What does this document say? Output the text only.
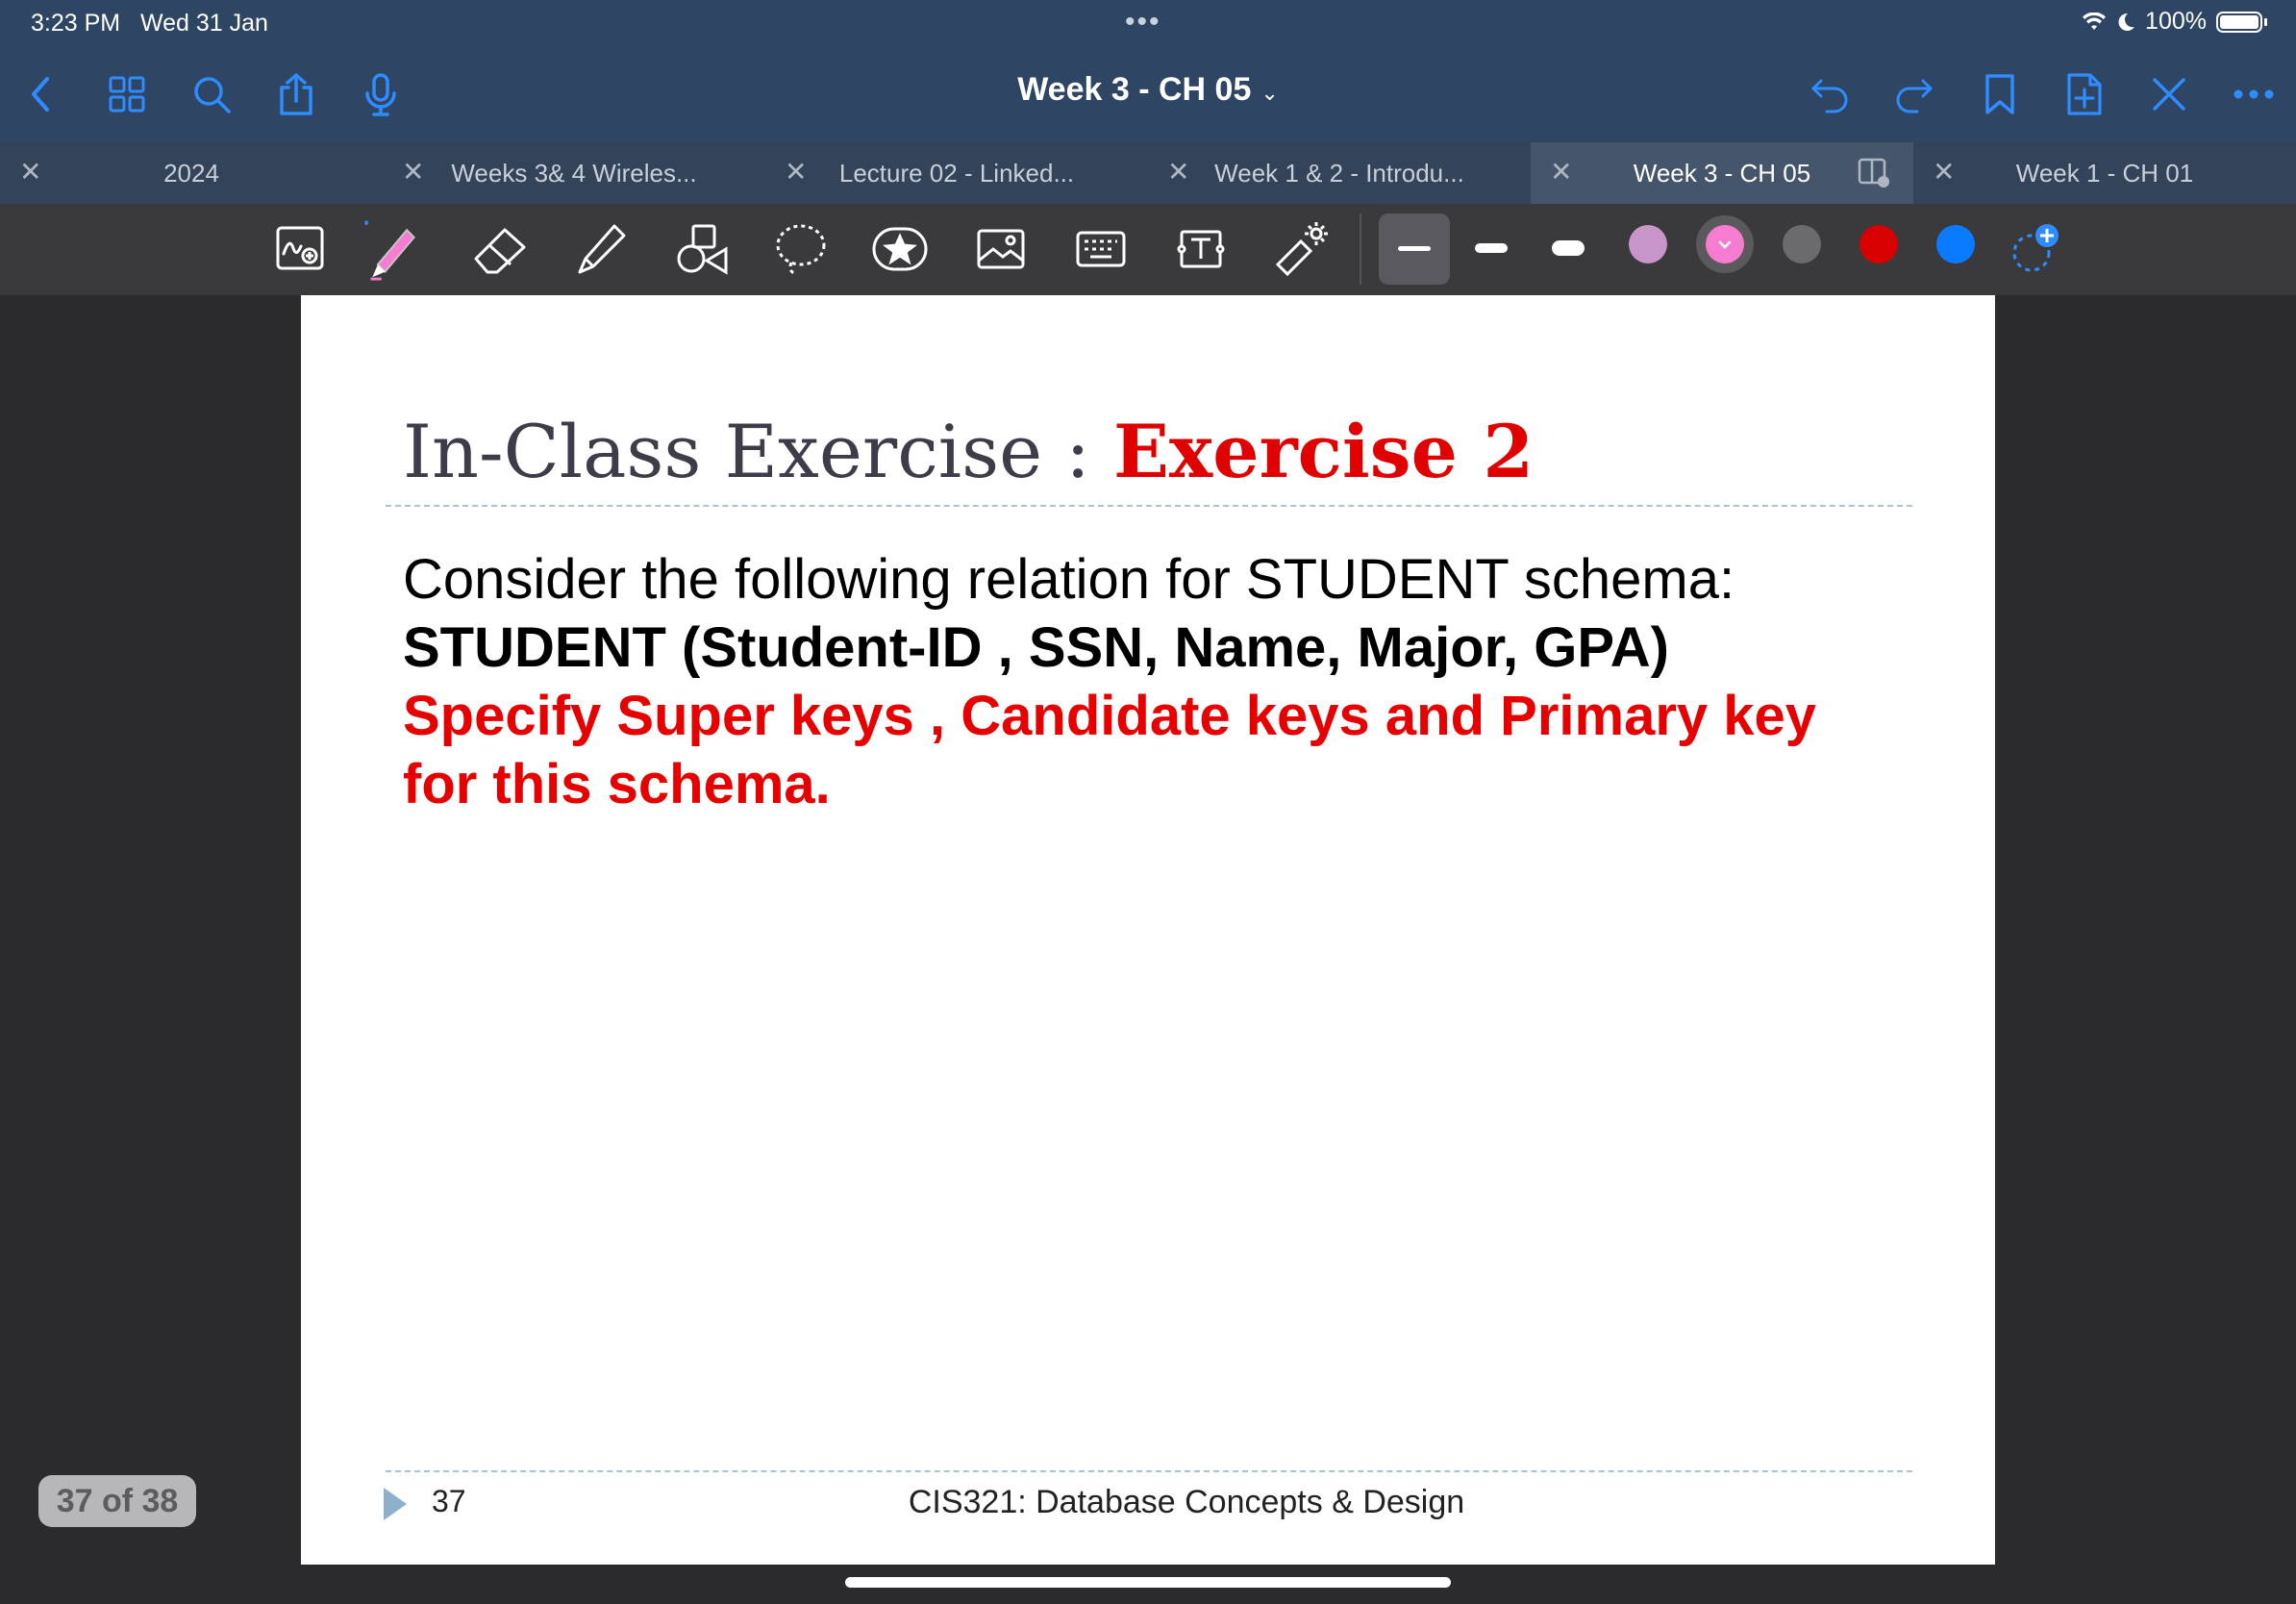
3:23 PM Wed 31 Jan	•••	100%
Week 3 - CH 05 ⌄
✕	2024	✕	Weeks 3& 4 Wireles...	✕	Lecture 02 - Linked...	✕ Week 1 & 2 - Introdu...	✕	Week 3 - CH 05	✕	Week 1 - CH 01
In-Class Exercise : Exercise 2
Consider the following relation for STUDENT schema:
STUDENT (Student-ID , SSN, Name, Major, GPA)
Specify Super keys , Candidate keys and Primary key
for this schema.
37	CIS321: Database Concepts & Design
37 of 38
